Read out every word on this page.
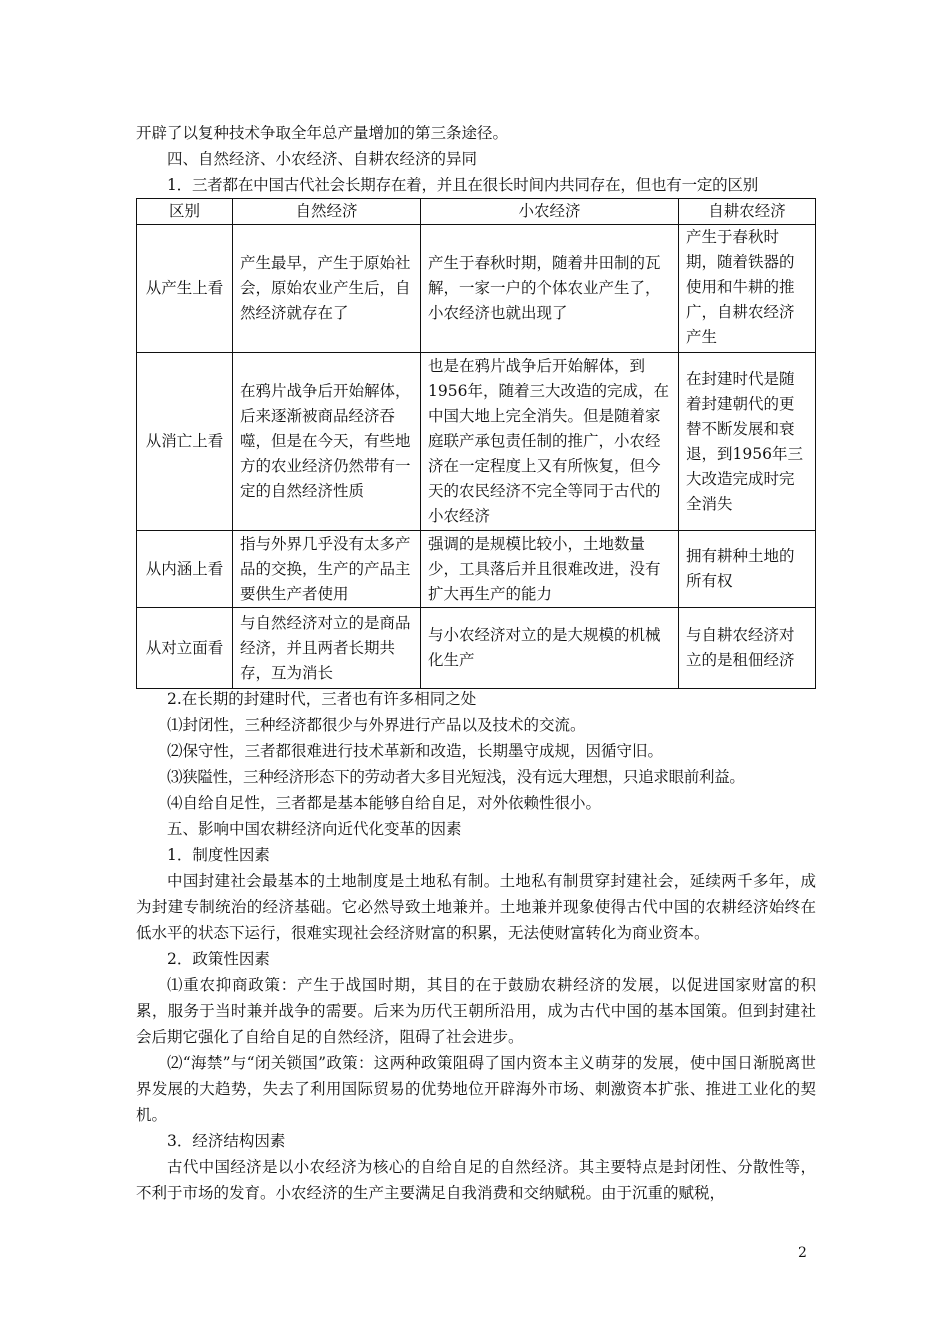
开辟了以复种技术争取全年总产量增加的第三条途径。

四、自然经济、小农经济、自耕农经济的异同

1．三者都在中国古代社会长期存在着，并且在很长时间内共同存在，但也有一定的区别

区别	自然经济	小农经济	自耕农经济
从产生上看	产生最早，产生于原始社会，原始农业产生后，自然经济就存在了	产生于春秋时期，随着井田制的瓦解，一家一户的个体农业产生了，小农经济也就出现了	产生于春秋时期，随着铁器的使用和牛耕的推广，自耕农经济产生
从消亡上看	在鸦片战争后开始解体，后来逐渐被商品经济吞噬，但是在今天，有些地方的农业经济仍然带有一定的自然经济性质	也是在鸦片战争后开始解体，到1956年，随着三大改造的完成，在中国大地上完全消失。但是随着家庭联产承包责任制的推广，小农经济在一定程度上又有所恢复，但今天的农民经济不完全等同于古代的小农经济	在封建时代是随着封建朝代的更替不断发展和衰退，到1956年三大改造完成时完全消失
从内涵上看	指与外界几乎没有太多产品的交换，生产的产品主要供生产者使用	强调的是规模比较小，土地数量少，工具落后并且很难改进，没有扩大再生产的能力	拥有耕种土地的所有权
从对立面看	与自然经济对立的是商品经济，并且两者长期共存，互为消长	与小农经济对立的是大规模的机械化生产	与自耕农经济对立的是租佃经济

2.在长期的封建时代，三者也有许多相同之处

⑴封闭性，三种经济都很少与外界进行产品以及技术的交流。

⑵保守性，三者都很难进行技术革新和改造，长期墨守成规，因循守旧。

⑶狭隘性，三种经济形态下的劳动者大多目光短浅，没有远大理想，只追求眼前利益。

⑷自给自足性，三者都是基本能够自给自足，对外依赖性很小。

五、影响中国农耕经济向近代化变革的因素

1．制度性因素

中国封建社会最基本的土地制度是土地私有制。土地私有制贯穿封建社会，延续两千多年，成为封建专制统治的经济基础。它必然导致土地兼并。土地兼并现象使得古代中国的农耕经济始终在低水平的状态下运行，很难实现社会经济财富的积累，无法使财富转化为商业资本。

2．政策性因素

⑴重农抑商政策：产生于战国时期，其目的在于鼓励农耕经济的发展，以促进国家财富的积累，服务于当时兼并战争的需要。后来为历代王朝所沿用，成为古代中国的基本国策。但到封建社会后期它强化了自给自足的自然经济，阻碍了社会进步。

⑵“海禁”与“闭关锁国”政策：这两种政策阻碍了国内资本主义萌芽的发展，使中国日渐脱离世界发展的大趋势，失去了利用国际贸易的优势地位开辟海外市场、刺激资本扩张、推进工业化的契机。

3．经济结构因素

古代中国经济是以小农经济为核心的自给自足的自然经济。其主要特点是封闭性、分散性等，不利于市场的发育。小农经济的生产主要满足自我消费和交纳赋税。由于沉重的赋税，

2
